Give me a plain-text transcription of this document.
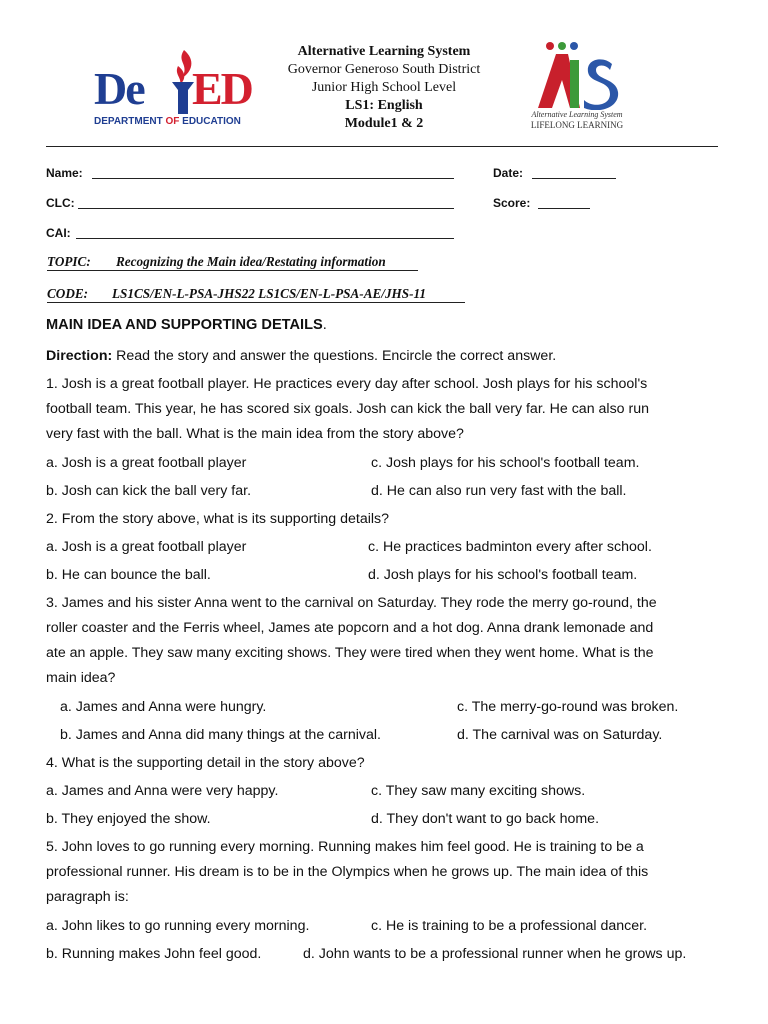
De ED
DEPARTMENT OF EDUCATION
Alternative Learning System
Governor Generoso South District
Junior High School Level
LS1: English
Module1 & 2
Alternative Learning System
LIFELONG LEARNING
Name:	Date:
CLC:	Score:
CAI:
TOPIC: Recognizing the Main idea/Restating information
CODE: LS1CS/EN-L-PSA-JHS22 LS1CS/EN-L-PSA-AE/JHS-11
MAIN IDEA AND SUPPORTING DETAILS.
Direction: Read the story and answer the questions. Encircle the correct answer.
1. Josh is a great football player. He practices every day after school. Josh plays for his school's
football team. This year, he has scored six goals. Josh can kick the ball very far. He can also run
very fast with the ball. What is the main idea from the story above?
a. Josh is a great football player	c. Josh plays for his school's football team.
b. Josh can kick the ball very far.	d. He can also run very fast with the ball.
2. From the story above, what is its supporting details?
a. Josh is a great football player	c. He practices badminton every after school.
b. He can bounce the ball.	d. Josh plays for his school's football team.
3. James and his sister Anna went to the carnival on Saturday. They rode the merry go-round, the
roller coaster and the Ferris wheel, James ate popcorn and a hot dog. Anna drank lemonade and
ate an apple. They saw many exciting shows. They were tired when they went home. What is the
main idea?
a. James and Anna were hungry.	c. The merry-go-round was broken.
b. James and Anna did many things at the carnival.	d. The carnival was on Saturday.
4. What is the supporting detail in the story above?
a. James and Anna were very happy.	c. They saw many exciting shows.
b. They enjoyed the show.	d. They don't want to go back home.
5. John loves to go running every morning. Running makes him feel good. He is training to be a
professional runner. His dream is to be in the Olympics when he grows up. The main idea of this
paragraph is:
a. John likes to go running every morning.	c. He is training to be a professional dancer.
b. Running makes John feel good.	d. John wants to be a professional runner when he grows up.
